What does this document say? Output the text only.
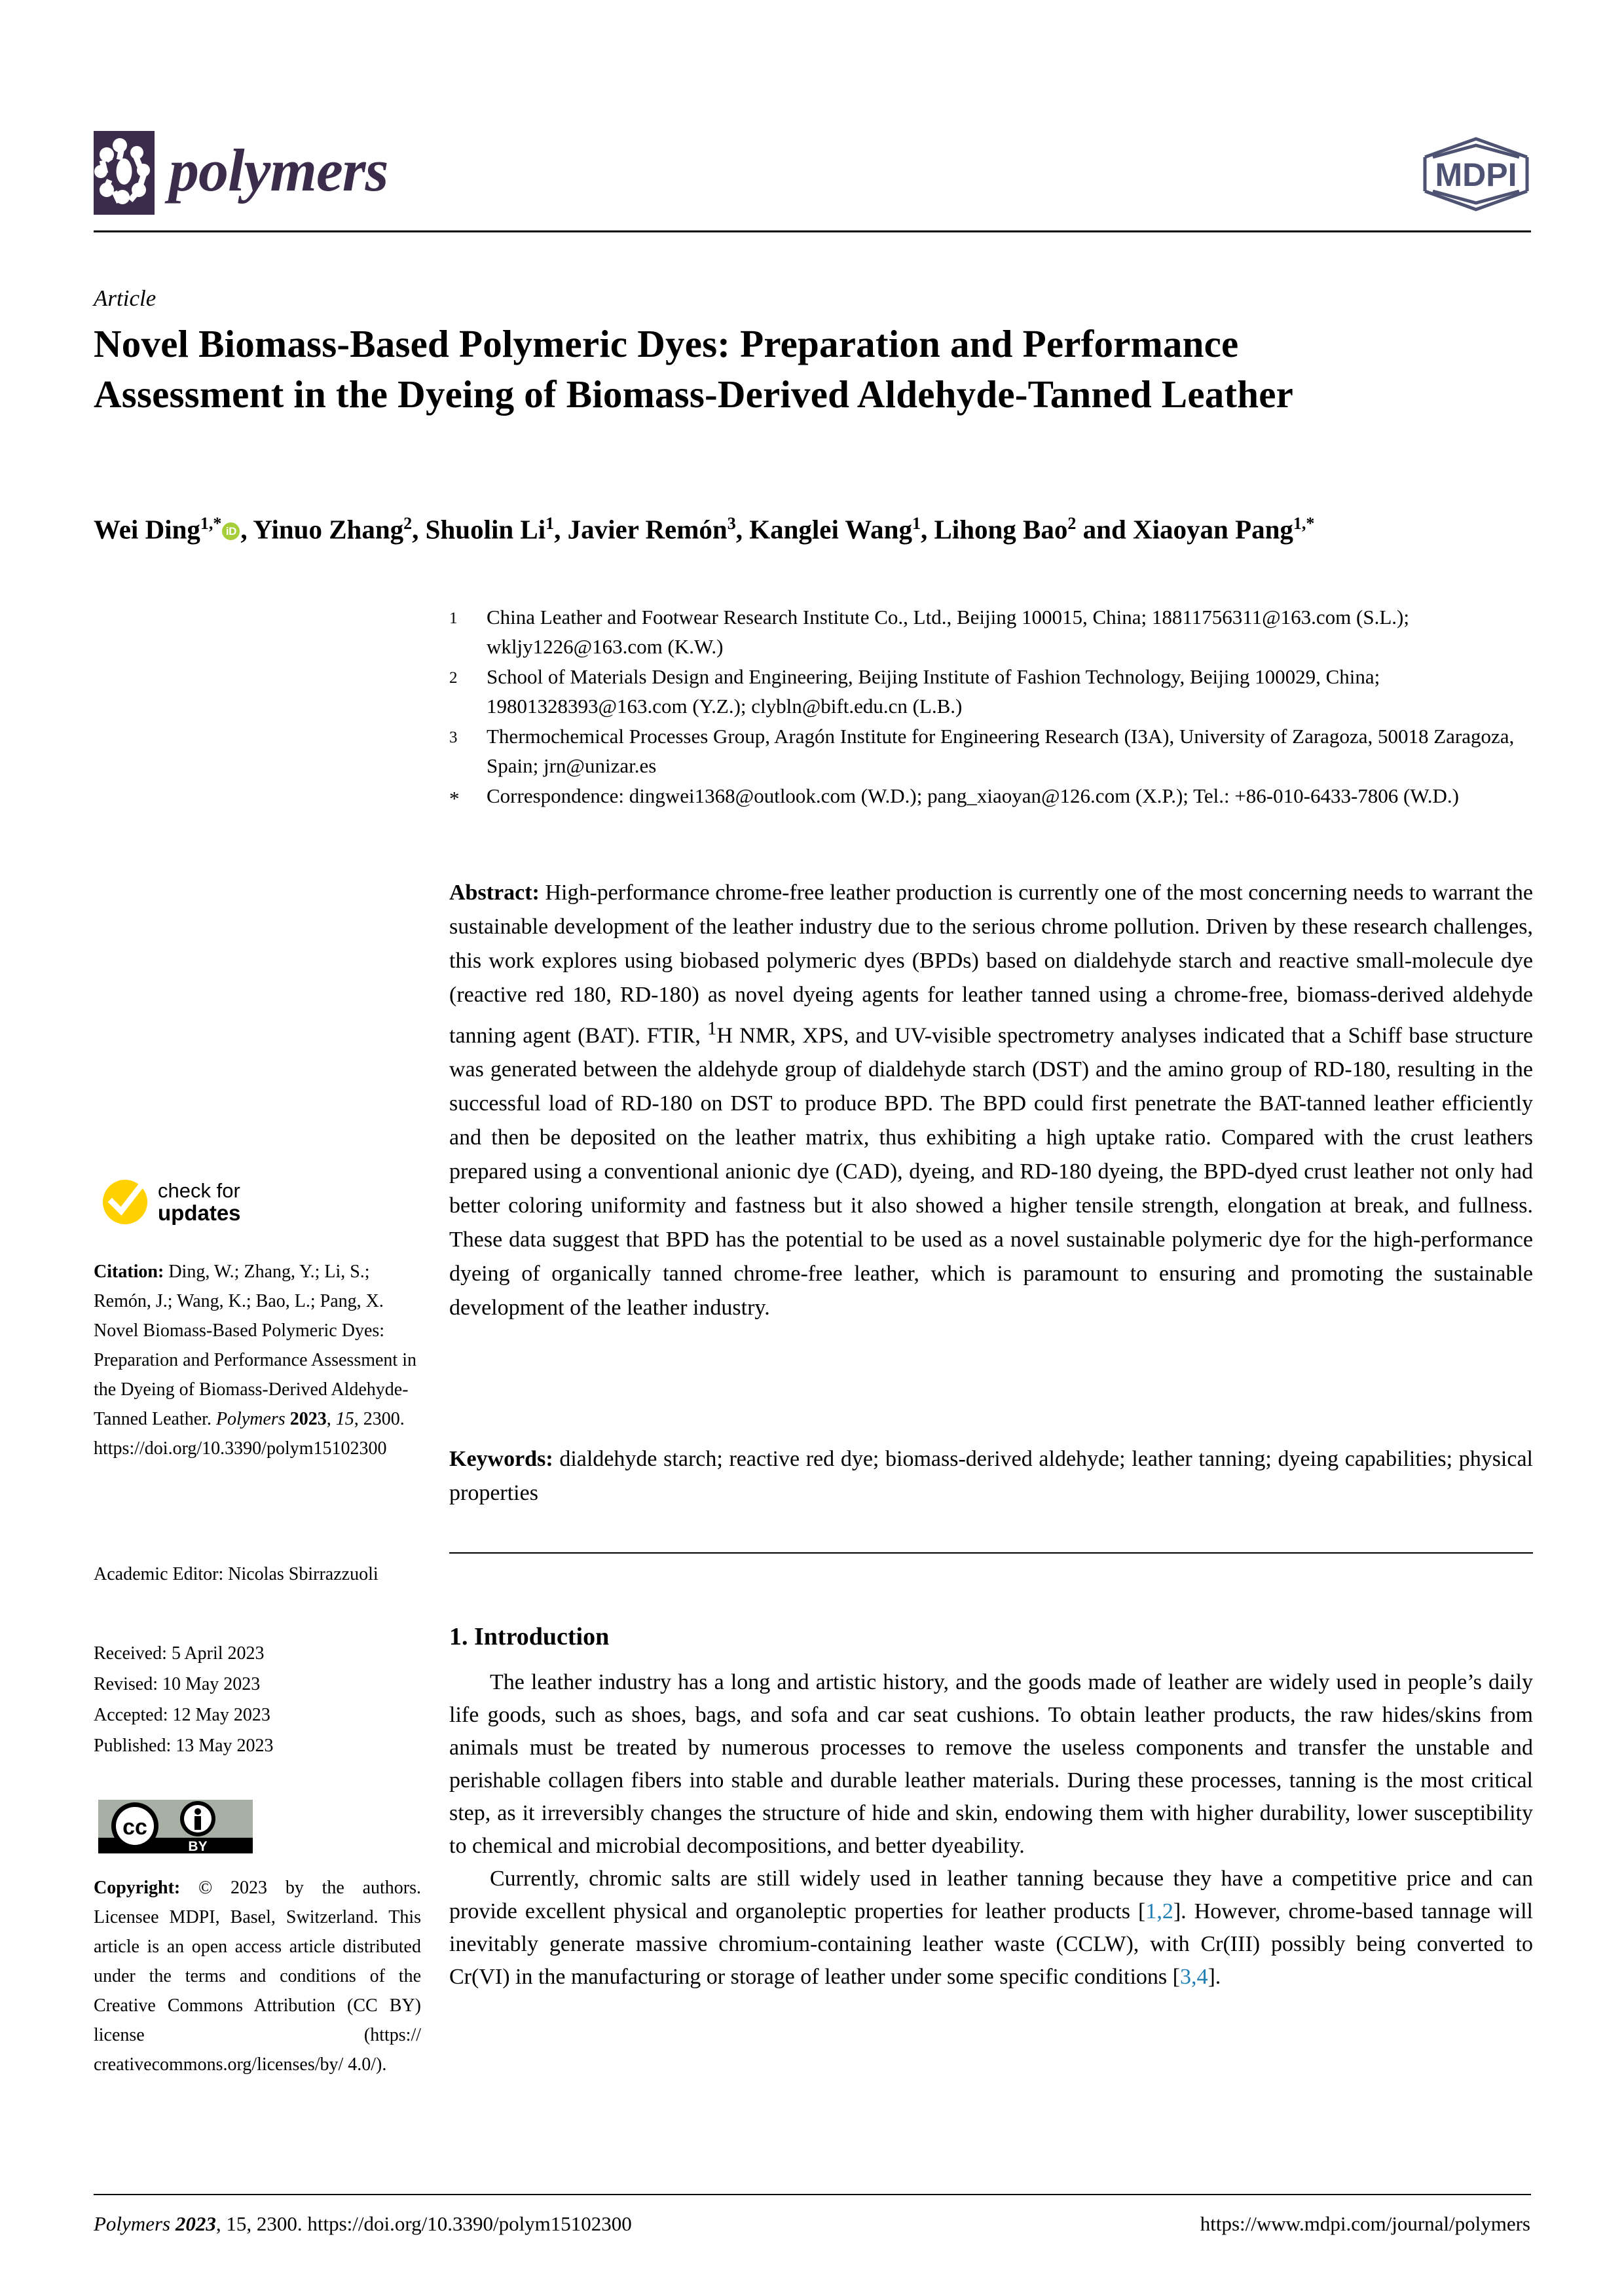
polymers	MDPI
Article
Novel Biomass-Based Polymeric Dyes: Preparation and Performance Assessment in the Dyeing of Biomass-Derived Aldehyde-Tanned Leather
Wei Ding$^{1,*}$ iD , Yinuo Zhang$^2$, Shuolin Li$^1$, Javier Remón$^3$, Kanglei Wang$^1$, Lihong Bao$^2$ and Xiaoyan Pang$^{1,*}$
1	China Leather and Footwear Research Institute Co., Ltd., Beijing 100015, China; 18811756311@163.com (S.L.); wkljy1226@163.com (K.W.)
2	School of Materials Design and Engineering, Beijing Institute of Fashion Technology, Beijing 100029, China; 19801328393@163.com (Y.Z.); clybln@bift.edu.cn (L.B.)
3	Thermochemical Processes Group, Aragón Institute for Engineering Research (I3A), University of Zaragoza, 50018 Zaragoza, Spain; jrn@unizar.es
*	Correspondence: dingwei1368@outlook.com (W.D.); pang_xiaoyan@126.com (X.P.); Tel.: +86-010-6433-7806 (W.D.)
Abstract: High-performance chrome-free leather production is currently one of the most concerning needs to warrant the sustainable development of the leather industry due to the serious chrome pollution. Driven by these research challenges, this work explores using biobased polymeric dyes (BPDs) based on dialdehyde starch and reactive small-molecule dye (reactive red 180, RD-180) as novel dyeing agents for leather tanned using a chrome-free, biomass-derived aldehyde tanning agent (BAT). FTIR, $^1$H NMR, XPS, and UV-visible spectrometry analyses indicated that a Schiff base structure was generated between the aldehyde group of dialdehyde starch (DST) and the amino group of RD-180, resulting in the successful load of RD-180 on DST to produce BPD. The BPD could first penetrate the BAT-tanned leather efficiently and then be deposited on the leather matrix, thus exhibiting a high uptake ratio. Compared with the crust leathers prepared using a conventional anionic dye (CAD), dyeing, and RD-180 dyeing, the BPD-dyed crust leather not only had better coloring uniformity and fastness but it also showed a higher tensile strength, elongation at break, and fullness. These data suggest that BPD has the potential to be used as a novel sustainable polymeric dye for the high-performance dyeing of organically tanned chrome-free leather, which is paramount to ensuring and promoting the sustainable development of the leather industry.
Keywords: dialdehyde starch; reactive red dye; biomass-derived aldehyde; leather tanning; dyeing capabilities; physical properties
1. Introduction

The leather industry has a long and artistic history, and the goods made of leather are widely used in people’s daily life goods, such as shoes, bags, and sofa and car seat cushions. To obtain leather products, the raw hides/skins from animals must be treated by numerous processes to remove the useless components and transfer the unstable and perishable collagen fibers into stable and durable leather materials. During these processes, tanning is the most critical step, as it irreversibly changes the structure of hide and skin, endowing them with higher durability, lower susceptibility to chemical and microbial decompositions, and better dyeability.

Currently, chromic salts are still widely used in leather tanning because they have a competitive price and can provide excellent physical and organoleptic properties for leather products [1,2]. However, chrome-based tannage will inevitably generate massive chromium-containing leather waste (CCLW), with Cr(III) possibly being converted to Cr(VI) in the manufacturing or storage of leather under some specific conditions [3,4].

check for
updates
Citation: Ding, W.; Zhang, Y.; Li, S.; Remón, J.; Wang, K.; Bao, L.; Pang, X. Novel Biomass-Based Polymeric Dyes: Preparation and Performance Assessment in the Dyeing of Biomass-Derived Aldehyde-Tanned Leather. Polymers 2023, 15, 2300. https://doi.org/10.3390/polym15102300
Academic Editor: Nicolas Sbirrazzuoli
Received: 5 April 2023
Revised: 10 May 2023
Accepted: 12 May 2023
Published: 13 May 2023
cc
BY
Copyright: © 2023 by the authors. Licensee MDPI, Basel, Switzerland. This article is an open access article distributed under the terms and conditions of the Creative Commons Attribution (CC BY) license (https:// creativecommons.org/licenses/by/ 4.0/).
Polymers 2023, 15, 2300. https://doi.org/10.3390/polym15102300	https://www.mdpi.com/journal/polymers
